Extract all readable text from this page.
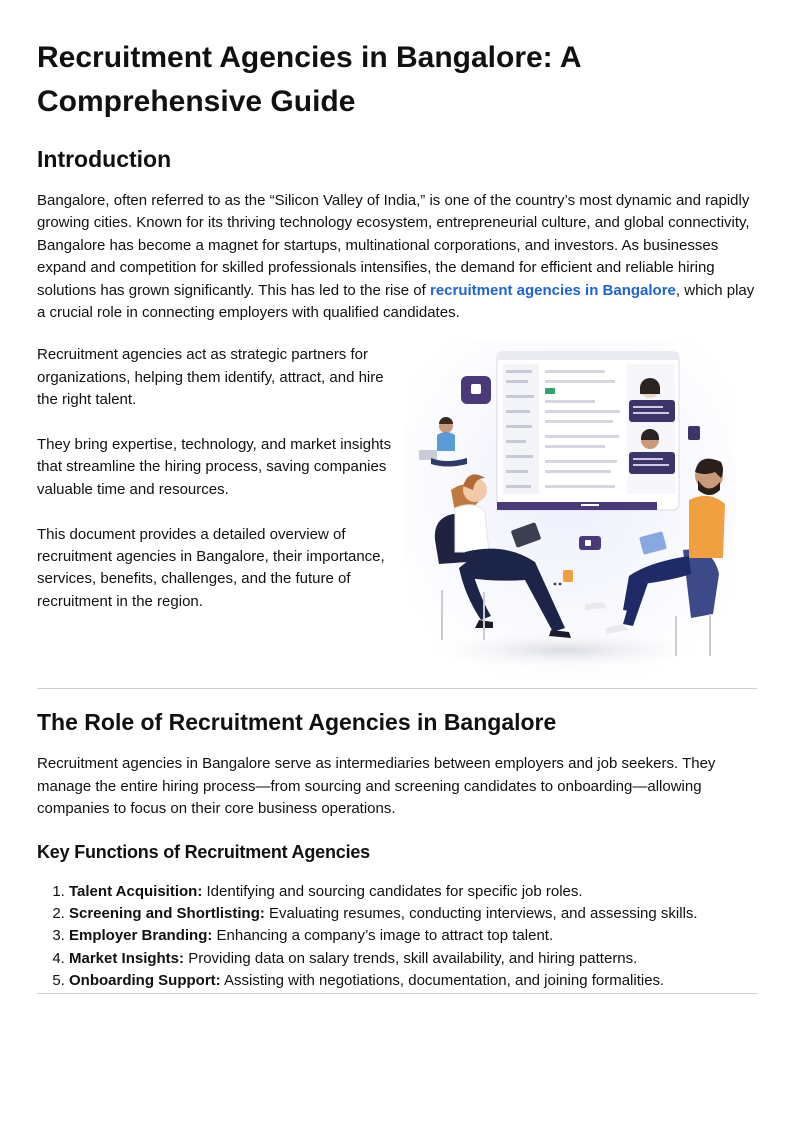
Recruitment Agencies in Bangalore: A Comprehensive Guide
Introduction

Bangalore, often referred to as the “Silicon Valley of India,” is one of the country’s most dynamic and rapidly growing cities. Known for its thriving technology ecosystem, entrepreneurial culture, and global connectivity, Bangalore has become a magnet for startups, multinational corporations, and investors. As businesses expand and competition for skilled professionals intensifies, the demand for efficient and reliable hiring solutions has grown significantly. This has led to the rise of recruitment agencies in Bangalore, which play a crucial role in connecting employers with qualified candidates.

Recruitment agencies act as strategic partners for organizations, helping them identify, attract, and hire the right talent.

They bring expertise, technology, and market insights that streamline the hiring process, saving companies valuable time and resources.

This document provides a detailed overview of recruitment agencies in Bangalore, their importance, services, benefits, challenges, and the future of recruitment in the region.

The Role of Recruitment Agencies in Bangalore

Recruitment agencies in Bangalore serve as intermediaries between employers and job seekers. They manage the entire hiring process—from sourcing and screening candidates to onboarding—allowing companies to focus on their core business operations.

Key Functions of Recruitment Agencies
1. Talent Acquisition: Identifying and sourcing candidates for specific job roles.
2. Screening and Shortlisting: Evaluating resumes, conducting interviews, and assessing skills.
3. Employer Branding: Enhancing a company’s image to attract top talent.
4. Market Insights: Providing data on salary trends, skill availability, and hiring patterns.
5. Onboarding Support: Assisting with negotiations, documentation, and joining formalities.
